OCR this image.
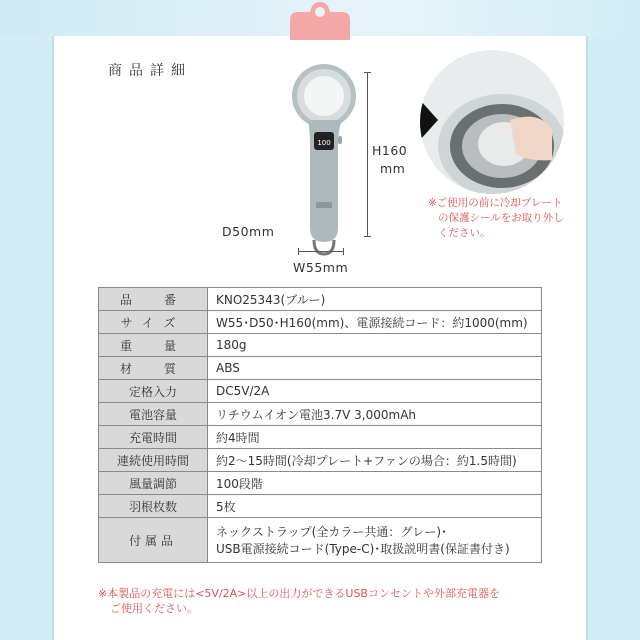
商品詳細
100	H160
mm
D50mm
W55mm
※ご使用の前に冷却プレート
の保護シールをお取り外し
ください。
品　番	KNO25343(ブルー)
サイズ	W55･D50･H160(mm)、電源接続コード：約1000(mm)
重　量	180g
材　質	ABS
定格入力	DC5V/2A
電池容量	リチウムイオン電池3.7V 3,000mAh
充電時間	約4時間
連続使用時間	約2～15時間(冷却プレート+ファンの場合：約1.5時間)
風量調節	100段階
羽根枚数	5枚
付属品	ネックストラップ(全カラー共通：グレー)･
USB電源接続コード(Type-C)･取扱説明書(保証書付き)
※本製品の充電には<5V/2A>以上の出力ができるUSBコンセントや外部充電器を
ご使用ください。
